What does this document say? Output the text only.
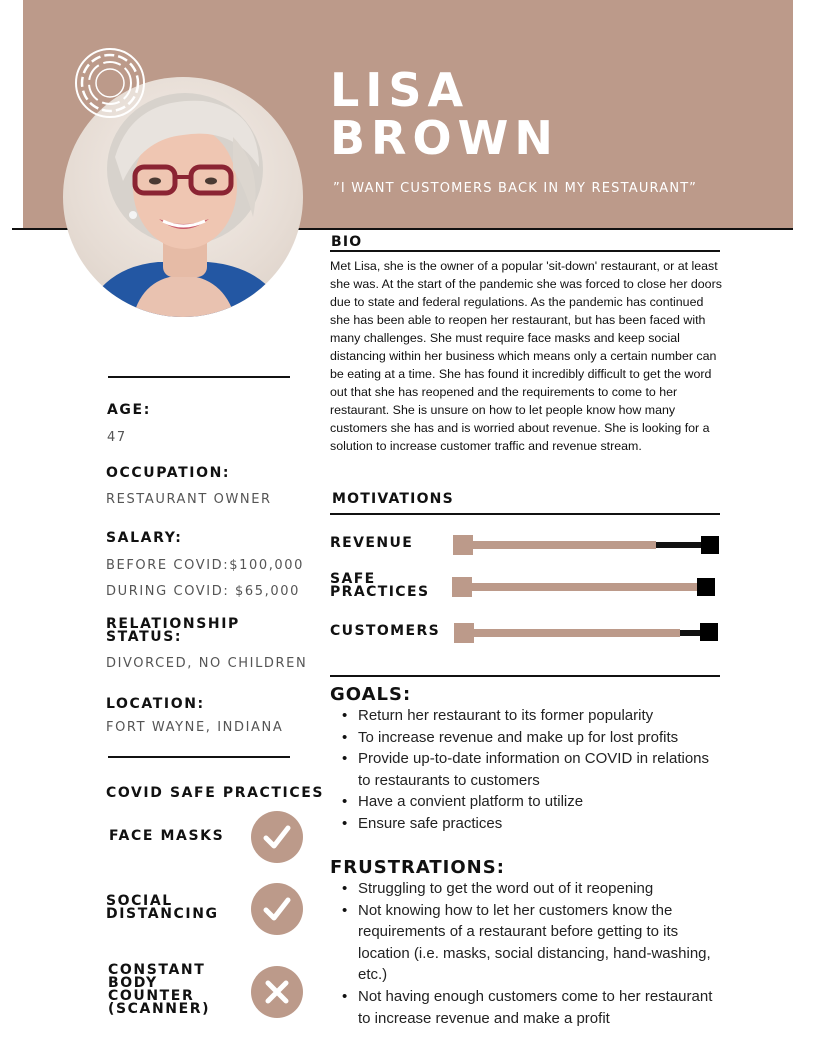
LISA
BROWN
”I WANT CUSTOMERS BACK IN MY RESTAURANT”
AGE:
47
OCCUPATION:
RESTAURANT OWNER
SALARY:
BEFORE COVID:$100,000
DURING COVID: $65,000
RELATIONSHIP
STATUS:
DIVORCED, NO CHILDREN
LOCATION:
FORT WAYNE, INDIANA
COVID SAFE PRACTICES
FACE MASKS
SOCIAL
DISTANCING
CONSTANT
BODY
COUNTER
(SCANNER)
BIO
Met Lisa, she is the owner of a popular 'sit-down' restaurant, or at least she was. At the start of the pandemic she was forced to close her doors due to state and federal regulations. As the pandemic has continued she has been able to reopen her restaurant, but has been faced with many challenges. She must require face masks and keep social distancing within her business which means only a certain number can be eating at a time. She has found it incredibly difficult to get the word out that she has reopened and the requirements to come to her restaurant. She is unsure on how to let people know how many customers she has and is worried about revenue. She is looking for a solution to increase customer traffic and revenue stream.
MOTIVATIONS
REVENUE
SAFE
PRACTICES
CUSTOMERS
GOALS:
• Return her restaurant to its former popularity
• To increase revenue and make up for lost profits
• Provide up-to-date information on COVID in relations to restaurants to customers
• Have a convient platform to utilize
• Ensure safe practices
FRUSTRATIONS:
• Struggling to get the word out of it reopening
• Not knowing how to let her customers know the requirements of a restaurant before getting to its location (i.e. masks, social distancing, hand-washing, etc.)
• Not having enough customers come to her restaurant to increase revenue and make a profit
